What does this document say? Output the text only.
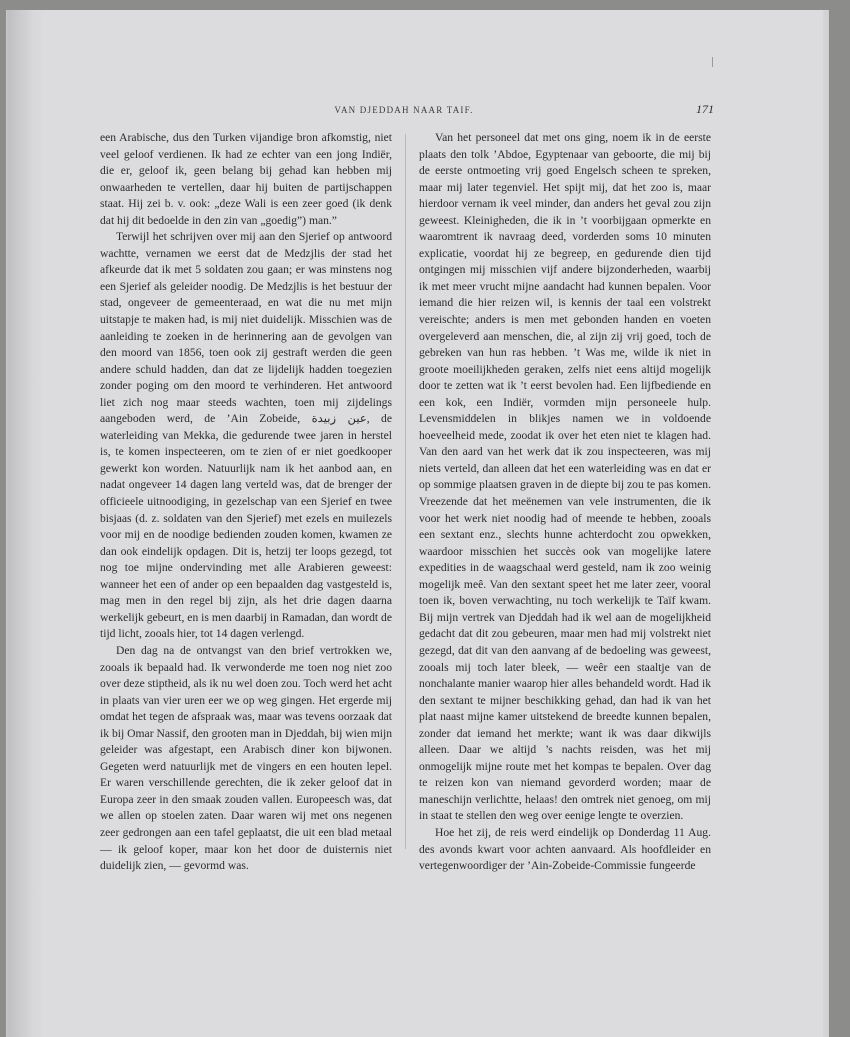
VAN DJEDDAH NAAR TAIF.	171

een Arabische, dus den Turken vijandige bron afkomstig, niet veel geloof verdienen. Ik had ze echter van een jong Indiër, die er, geloof ik, geen belang bij gehad kan hebben mij onwaarheden te vertellen, daar hij buiten de partijschappen staat. Hij zei b. v. ook: „deze Wali is een zeer goed (ik denk dat hij dit bedoelde in den zin van „goedig”) man.”

Terwijl het schrijven over mij aan den Sjerief op antwoord wachtte, vernamen we eerst dat de Medzjlis der stad het afkeurde dat ik met 5 soldaten zou gaan; er was minstens nog een Sjerief als geleider noodig. De Medzjlis is het bestuur der stad, ongeveer de gemeenteraad, en wat die nu met mijn uitstapje te maken had, is mij niet duidelijk. Misschien was de aanleiding te zoeken in de herinnering aan de gevolgen van den moord van 1856, toen ook zij gestraft werden die geen andere schuld hadden, dan dat ze lijdelijk hadden toegezien zonder poging om den moord te verhinderen. Het antwoord liet zich nog maar steeds wachten, toen mij zijdelings aangeboden werd, de ’Ain Zobeide, عين زبيدة, de waterleiding van Mekka, die gedurende twee jaren in herstel is, te komen inspecteeren, om te zien of er niet goedkooper gewerkt kon worden. Natuurlijk nam ik het aanbod aan, en nadat ongeveer 14 dagen lang verteld was, dat de brenger der officieele uitnoodiging, in gezelschap van een Sjerief en twee bisjaas (d. z. soldaten van den Sjerief) met ezels en muilezels voor mij en de noodige bedienden zouden komen, kwamen ze dan ook eindelijk opdagen. Dit is, hetzij ter loops gezegd, tot nog toe mijne ondervinding met alle Arabieren geweest: wanneer het een of ander op een bepaalden dag vastgesteld is, mag men in den regel bij zijn, als het drie dagen daarna werkelijk gebeurt, en is men daarbij in Ramadan, dan wordt de tijd licht, zooals hier, tot 14 dagen verlengd.

Den dag na de ontvangst van den brief vertrokken we, zooals ik bepaald had. Ik verwonderde me toen nog niet zoo over deze stiptheid, als ik nu wel doen zou. Toch werd het acht in plaats van vier uren eer we op weg gingen. Het ergerde mij omdat het tegen de afspraak was, maar was tevens oorzaak dat ik bij Omar Nassif, den grooten man in Djeddah, bij wien mijn geleider was afgestapt, een Arabisch diner kon bijwonen. Gegeten werd natuurlijk met de vingers en een houten lepel. Er waren verschillende gerechten, die ik zeker geloof dat in Europa zeer in den smaak zouden vallen. Europeesch was, dat we allen op stoelen zaten. Daar waren wij met ons negenen zeer gedrongen aan een tafel geplaatst, die uit een blad metaal — ik geloof koper, maar kon het door de duisternis niet duidelijk zien, — gevormd was.

Van het personeel dat met ons ging, noem ik in de eerste plaats den tolk ’Abdoe, Egyptenaar van geboorte, die mij bij de eerste ontmoeting vrij goed Engelsch scheen te spreken, maar mij later tegenviel. Het spijt mij, dat het zoo is, maar hierdoor vernam ik veel minder, dan anders het geval zou zijn geweest. Kleinigheden, die ik in ’t voorbijgaan opmerkte en waaromtrent ik navraag deed, vorderden soms 10 minuten explicatie, voordat hij ze begreep, en gedurende dien tijd ontgingen mij misschien vijf andere bijzonderheden, waarbij ik met meer vrucht mijne aandacht had kunnen bepalen. Voor iemand die hier reizen wil, is kennis der taal een volstrekt vereischte; anders is men met gebonden handen en voeten overgeleverd aan menschen, die, al zijn zij vrij goed, toch de gebreken van hun ras hebben. ’t Was me, wilde ik niet in groote moeilijkheden geraken, zelfs niet eens altijd mogelijk door te zetten wat ik ’t eerst bevolen had. Een lijfbediende en een kok, een Indiër, vormden mijn personeele hulp. Levensmiddelen in blikjes namen we in voldoende hoeveelheid mede, zoodat ik over het eten niet te klagen had. Van den aard van het werk dat ik zou inspecteeren, was mij niets verteld, dan alleen dat het een waterleiding was en dat er op sommige plaatsen graven in de diepte bij zou te pas komen. Vreezende dat het meënemen van vele instrumenten, die ik voor het werk niet noodig had of meende te hebben, zooals een sextant enz., slechts hunne achterdocht zou opwekken, waardoor misschien het succès ook van mogelijke latere expedities in de waagschaal werd gesteld, nam ik zoo weinig mogelijk meê. Van den sextant speet het me later zeer, vooral toen ik, boven verwachting, nu toch werkelijk te Taïf kwam. Bij mijn vertrek van Djeddah had ik wel aan de mogelijkheid gedacht dat dit zou gebeuren, maar men had mij volstrekt niet gezegd, dat dit van den aanvang af de bedoeling was geweest, zooals mij toch later bleek, — weêr een staaltje van de nonchalante manier waarop hier alles behandeld wordt. Had ik den sextant te mijner beschikking gehad, dan had ik van het plat naast mijne kamer uitstekend de breedte kunnen bepalen, zonder dat iemand het merkte; want ik was daar dikwijls alleen. Daar we altijd ’s nachts reisden, was het mij onmogelijk mijne route met het kompas te bepalen. Over dag te reizen kon van niemand gevorderd worden; maar de maneschijn verlichtte, helaas! den omtrek niet genoeg, om mij in staat te stellen den weg over eenige lengte te overzien.

Hoe het zij, de reis werd eindelijk op Donderdag 11 Aug. des avonds kwart voor achten aanvaard. Als hoofdleider en vertegenwoordiger der ’Ain-Zobeide-Commissie fungeerde
